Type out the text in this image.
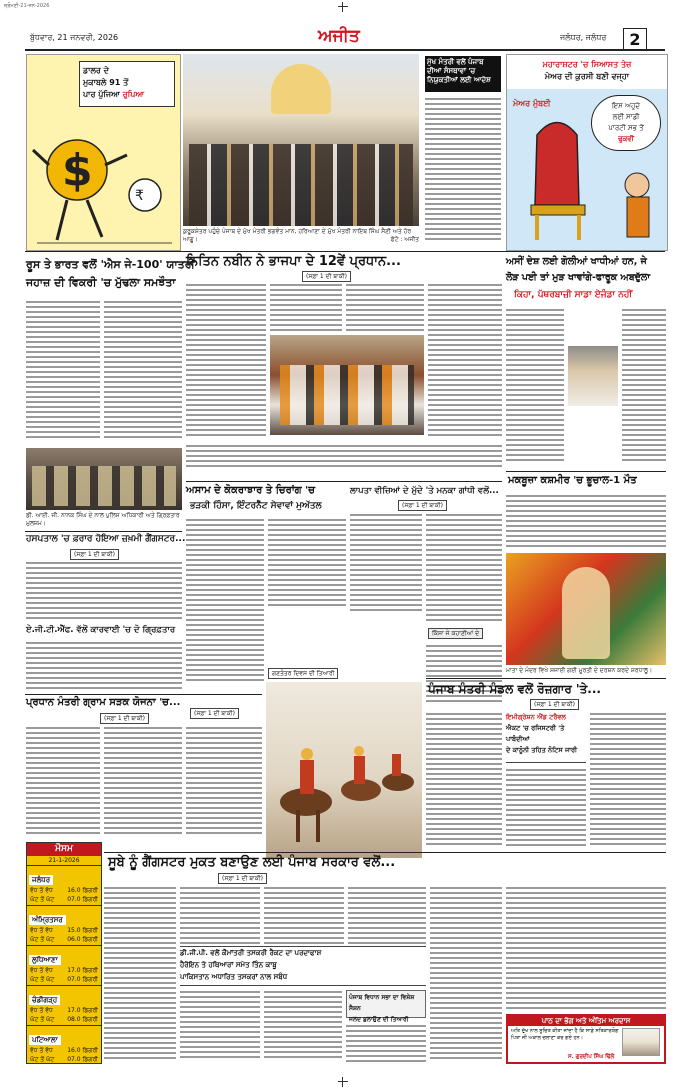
ਸ਼੍ਰੋਮਣੀ-21-ਜਨ-2026
ਬੁੱਧਵਾਰ, 21 ਜਨਵਰੀ, 2026	ਅਜੀਤ	ਜਲੰਧਰ, ਜਲੰਧਰ 2
ਡਾਲਰ ਦੇ
ਮੁਕਾਬਲੇ 91 ਤੋਂ
ਪਾਰ ਪੁੱਜਿਆ ਰੁਪਿਆ
$	₹
ਕੁਰੂਕਸ਼ੇਤਰ ਪਹੁੰਚੇ ਪੰਜਾਬ ਦੇ ਮੁੱਖ ਮੰਤਰੀ ਭਗਵੰਤ ਮਾਨ, ਹਰਿਆਣਾ ਦੇ ਮੁੱਖ ਮੰਤਰੀ ਨਾਇਬ ਸਿੰਘ ਸੈਣੀ ਅਤੇ ਹੋਰ ਆਗੂ।	ਫੋਟੋ : ਅਜੀਤ
ਮੁੱਖ ਮੰਤਰੀ ਵਲੋਂ ਪੰਜਾਬ ਦੀਆਂ ਸੰਸਥਾਵਾਂ 'ਚ ਨਿਯੁਕਤੀਆਂ ਲਈ ਆਦੇਸ਼
ਮਹਾਰਾਸ਼ਟਰ 'ਚ ਸਿਆਸਤ ਤੇਜ਼
ਮੇਅਰ ਦੀ ਕੁਰਸੀ ਬਣੀ ਵਜ੍ਹਾ
ਮੇਅਰ ਮੁੰਬਈ	ਇਸ ਅਹੁਦੇ
ਲਈ ਸਾਡੀ
ਪਾਰਟੀ ਸਭ ਤੋਂ
ਢੁਕਵੀਂ
ਨਿਤਿਨ ਨਬੀਨ ਨੇ ਭਾਜਪਾ ਦੇ 12ਵੇਂ ਪ੍ਰਧਾਨ...
(ਸਫ਼ਾ 1 ਦੀ ਬਾਕੀ)
ਰੂਸ ਤੇ ਭਾਰਤ ਵਲੋਂ 'ਐਸ ਜੇ-100' ਯਾਤਰੀ
ਜਹਾਜ਼ ਦੀ ਵਿਕਰੀ 'ਚ ਮੁੱਢਲਾ ਸਮਝੌਤਾ
ਡੀ. ਆਈ. ਜੀ. ਨਾਨਕ ਸਿੰਘ ਦੇ ਨਾਲ ਪੁਲਿਸ ਅਧਿਕਾਰੀ ਅਤੇ ਗ੍ਰਿਫ਼ਤਾਰ ਮੁਲਜ਼ਮ।
ਹਸਪਤਾਲ 'ਚ ਫ਼ਰਾਰ ਹੋਇਆ ਜ਼ਖ਼ਮੀ ਗੈਂਗਸਟਰ...
(ਸਫ਼ਾ 1 ਦੀ ਬਾਕੀ)
ਏ.ਜੀ.ਟੀ.ਐੱਫ. ਵੱਲੋਂ ਕਾਰਵਾਈ 'ਚ ਦੋ ਗ੍ਰਿਫ਼ਤਾਰ
ਪ੍ਰਧਾਨ ਮੰਤਰੀ ਗ੍ਰਾਮ ਸੜਕ ਯੋਜਨਾ 'ਚ...
(ਸਫ਼ਾ 1 ਦੀ ਬਾਕੀ)
ਅਸਾਮ ਦੇ ਕੋਕਰਾਝਾਰ ਤੇ ਚਿਰਾਂਗ 'ਚ
ਭੜਕੀ ਹਿੰਸਾ, ਇੰਟਰਨੈੱਟ ਸੇਵਾਵਾਂ ਮੁਅੱਤਲ
ਲਾਪਤਾ ਵੀਜ਼ਿਆਂ ਦੇ ਮੁੱਦੇ 'ਤੇ ਮਨਕਾ ਗਾਂਧੀ ਵਲੋਂ...
(ਸਫ਼ਾ 1 ਦੀ ਬਾਕੀ)
ਕਿੱਸਾ ਜੇ ਕਹਾਣੀਆਂ ਦੇ
ਗਣਤੰਤਰ ਦਿਵਸ ਦੀ ਤਿਆਰੀ
(ਸਫ਼ਾ 1 ਦੀ ਬਾਕੀ)
ਅਸੀਂ ਦੇਸ਼ ਲਈ ਗੋਲੀਆਂ ਖਾਧੀਆਂ ਹਨ, ਜੇ
ਲੋੜ ਪਈ ਤਾਂ ਮੁੜ ਖਾਵਾਂਗੇ-ਫਾਰੂਕ ਅਬਦੁੱਲਾ
ਕਿਹਾ, ਪੱਥਰਬਾਜ਼ੀ ਸਾਡਾ ਏਜੰਡਾ ਨਹੀਂ
ਮਕਬੂਜ਼ਾ ਕਸ਼ਮੀਰ 'ਚ ਭੂਚਾਲ-1 ਮੌਤ
ਮਾਤਾ ਦੇ ਮੰਦਰ ਵਿਖੇ ਸਜਾਈ ਗਈ ਮੂਰਤੀ ਦੇ ਦਰਸ਼ਨ ਕਰਦੇ ਸ਼ਰਧਾਲੂ।
ਪੰਜਾਬ ਮੰਤਰੀ ਮੰਡਲ ਵਲੋਂ ਰੋਜ਼ਗਾਰ 'ਤੇ...
(ਸਫ਼ਾ 1 ਦੀ ਬਾਕੀ)
ਇਮੀਗ੍ਰੇਸ਼ਨ ਐਂਡ ਟਰੈਵਲ
ਐਕਟ 'ਚ ਰਜਿਸਟਰੀ 'ਤੇ ਪਾਬੰਦੀਆਂ
ਦੇ ਕਾਨੂੰਨੀ ਤਹਿਤ ਨੋਟਿਸ ਜਾਰੀ
ਮੌਸਮ
21-1-2026
ਜਲੰਧਰ
ਵੱਧ ਤੋਂ ਵੱਧ 16.0 ਡਿਗਰੀ
ਘੱਟ ਤੋਂ ਘੱਟ 07.0 ਡਿਗਰੀ
ਅੰਮ੍ਰਿਤਸਰ
ਵੱਧ ਤੋਂ ਵੱਧ 15.0 ਡਿਗਰੀ
ਘੱਟ ਤੋਂ ਘੱਟ 06.0 ਡਿਗਰੀ
ਲੁਧਿਆਣਾ
ਵੱਧ ਤੋਂ ਵੱਧ 17.0 ਡਿਗਰੀ
ਘੱਟ ਤੋਂ ਘੱਟ 07.0 ਡਿਗਰੀ
ਚੰਡੀਗੜ੍ਹ
ਵੱਧ ਤੋਂ ਵੱਧ 17.0 ਡਿਗਰੀ
ਘੱਟ ਤੋਂ ਘੱਟ 08.0 ਡਿਗਰੀ
ਪਟਿਆਲਾ
ਵੱਧ ਤੋਂ ਵੱਧ 16.0 ਡਿਗਰੀ
ਘੱਟ ਤੋਂ ਘੱਟ 07.0 ਡਿਗਰੀ
ਸੂਬੇ ਨੂੰ ਗੈਂਗਸਟਰ ਮੁਕਤ ਬਣਾਉਣ ਲਈ ਪੰਜਾਬ ਸਰਕਾਰ ਵਲੋਂ...
(ਸਫ਼ਾ 1 ਦੀ ਬਾਕੀ)
ਡੀ.ਜੀ.ਪੀ. ਵਲੋਂ ਕੌਮਾਂਤਰੀ ਤਸਕਰੀ ਰੈਕਟ ਦਾ ਪਰਦਾਫਾਸ਼
ਹੈਰੋਇਨ ਤੇ ਹਥਿਆਰਾਂ ਸਮੇਤ ਤਿੰਨ ਕਾਬੂ
ਪਾਕਿਸਤਾਨ ਅਧਾਰਿਤ ਤਸਕਰਾਂ ਨਾਲ ਸਬੰਧ
ਪੰਜਾਬ ਵਿਧਾਨ ਸਭਾ ਦਾ ਵਿਸ਼ੇਸ਼ ਸੈਸ਼ਨ
ਜਲਦ ਬੁਲਾਉਣ ਦੀ ਤਿਆਰੀ	ਪਾਠ ਦਾ ਭੋਗ ਅਤੇ ਅੰਤਿਮ ਅਰਦਾਸ
ਅਤਿ ਦੁੱਖ ਨਾਲ ਸੂਚਿਤ ਕੀਤਾ ਜਾਂਦਾ ਹੈ ਕਿ ਸਾਡੇ ਸਤਿਕਾਰਯੋਗ ਪਿਤਾ ਜੀ ਅਕਾਲ ਚਲਾਣਾ ਕਰ ਗਏ ਹਨ।
ਸ. ਗੁਰਦੀਪ ਸਿੰਘ ਢਿੱਲੋਂ
